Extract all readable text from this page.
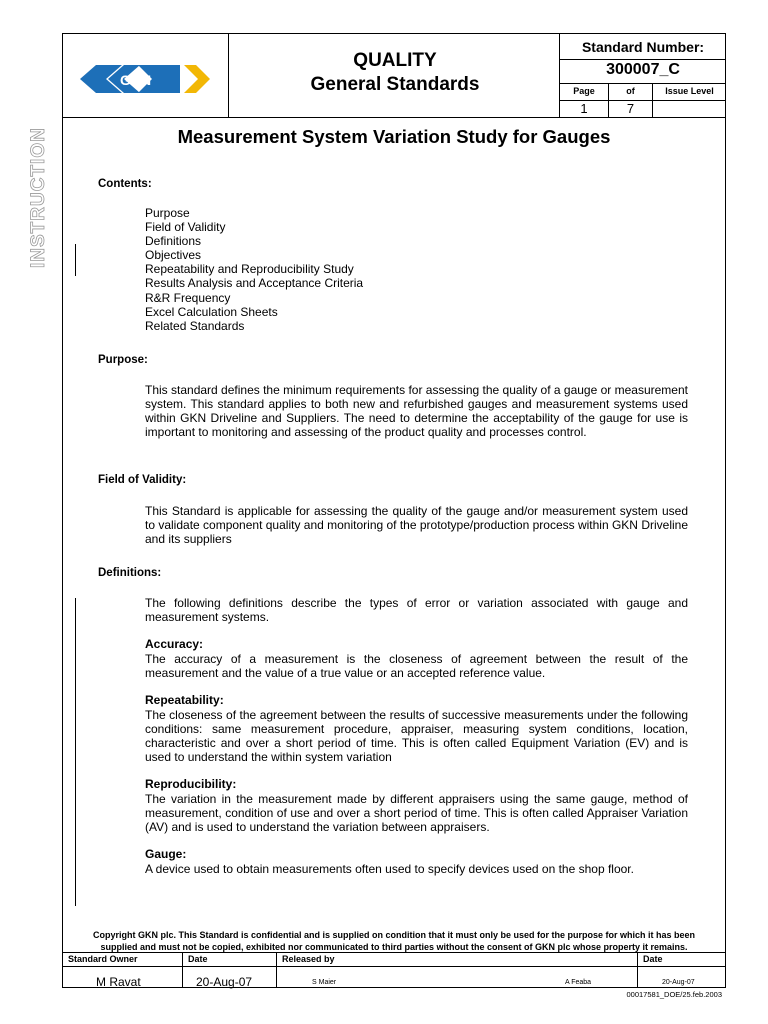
GKN
QUALITY
General Standards
Standard Number:
300007_C
Page	of	Issue Level
1	7
INSTRUCTION	Measurement System Variation Study for Gauges
Contents:
Purpose
Field of Validity
Definitions
Objectives
Repeatability and Reproducibility Study
Results Analysis and Acceptance Criteria
R&R Frequency
Excel Calculation Sheets
Related Standards
Purpose:

This standard defines the minimum requirements for assessing the quality of a gauge or measurement system. This standard applies to both new and refurbished gauges and measurement systems used within GKN Driveline and Suppliers. The need to determine the acceptability of the gauge for use is important to monitoring and assessing of the product quality and processes control.

Field of Validity:

This Standard is applicable for assessing the quality of the gauge and/or measurement system used to validate component quality and monitoring of the prototype/production process within GKN Driveline and its suppliers

Definitions:

The following definitions describe the types of error or variation associated with gauge and measurement systems.

Accuracy:

The accuracy of a measurement is the closeness of agreement between the result of the measurement and the value of a true value or an accepted reference value.

Repeatability:

The closeness of the agreement between the results of successive measurements under the following conditions: same measurement procedure, appraiser, measuring system conditions, location, characteristic and over a short period of time. This is often called Equipment Variation (EV) and is used to understand the within system variation

Reproducibility:

The variation in the measurement made by different appraisers using the same gauge, method of measurement, condition of use and over a short period of time. This is often called Appraiser Variation (AV) and is used to understand the variation between appraisers.

Gauge:

A device used to obtain measurements often used to specify devices used on the shop floor.

Copyright GKN plc. This Standard is confidential and is supplied on condition that it must only be used for the purpose for which it has been
supplied and must not be copied, exhibited nor communicated to third parties without the consent of GKN plc whose property it remains.
Standard Owner	Date	Released by	Date
M Ravat	20-Aug-07	S Maier	A Feaba	20-Aug-07
00017581_DOE/25.feb.2003
